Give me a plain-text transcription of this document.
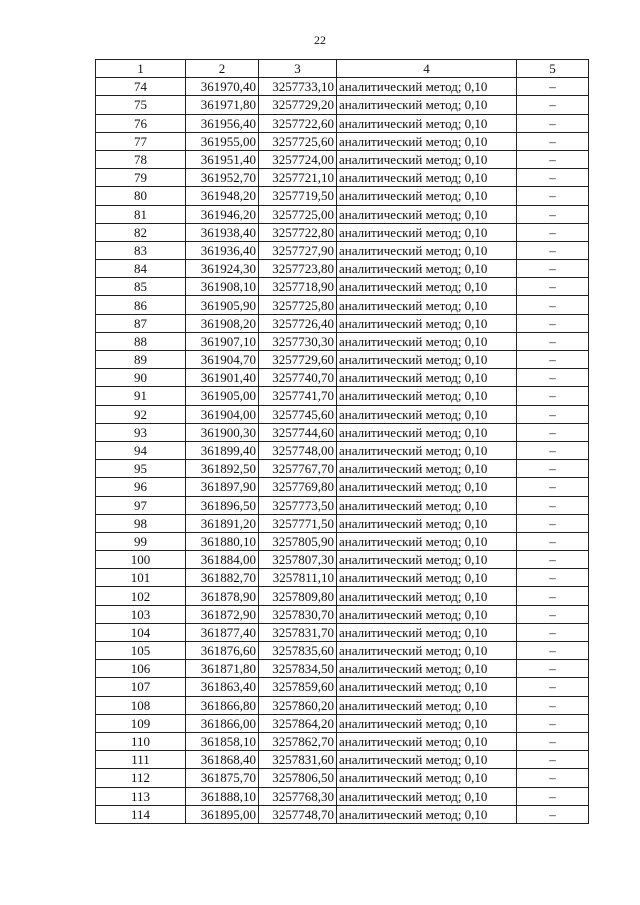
22
1	2	3	4	5
74	361970,40	3257733,10	аналитический метод; 0,10	–
75	361971,80	3257729,20	аналитический метод; 0,10	–
76	361956,40	3257722,60	аналитический метод; 0,10	–
77	361955,00	3257725,60	аналитический метод; 0,10	–
78	361951,40	3257724,00	аналитический метод; 0,10	–
79	361952,70	3257721,10	аналитический метод; 0,10	–
80	361948,20	3257719,50	аналитический метод; 0,10	–
81	361946,20	3257725,00	аналитический метод; 0,10	–
82	361938,40	3257722,80	аналитический метод; 0,10	–
83	361936,40	3257727,90	аналитический метод; 0,10	–
84	361924,30	3257723,80	аналитический метод; 0,10	–
85	361908,10	3257718,90	аналитический метод; 0,10	–
86	361905,90	3257725,80	аналитический метод; 0,10	–
87	361908,20	3257726,40	аналитический метод; 0,10	–
88	361907,10	3257730,30	аналитический метод; 0,10	–
89	361904,70	3257729,60	аналитический метод; 0,10	–
90	361901,40	3257740,70	аналитический метод; 0,10	–
91	361905,00	3257741,70	аналитический метод; 0,10	–
92	361904,00	3257745,60	аналитический метод; 0,10	–
93	361900,30	3257744,60	аналитический метод; 0,10	–
94	361899,40	3257748,00	аналитический метод; 0,10	–
95	361892,50	3257767,70	аналитический метод; 0,10	–
96	361897,90	3257769,80	аналитический метод; 0,10	–
97	361896,50	3257773,50	аналитический метод; 0,10	–
98	361891,20	3257771,50	аналитический метод; 0,10	–
99	361880,10	3257805,90	аналитический метод; 0,10	–
100	361884,00	3257807,30	аналитический метод; 0,10	–
101	361882,70	3257811,10	аналитический метод; 0,10	–
102	361878,90	3257809,80	аналитический метод; 0,10	–
103	361872,90	3257830,70	аналитический метод; 0,10	–
104	361877,40	3257831,70	аналитический метод; 0,10	–
105	361876,60	3257835,60	аналитический метод; 0,10	–
106	361871,80	3257834,50	аналитический метод; 0,10	–
107	361863,40	3257859,60	аналитический метод; 0,10	–
108	361866,80	3257860,20	аналитический метод; 0,10	–
109	361866,00	3257864,20	аналитический метод; 0,10	–
110	361858,10	3257862,70	аналитический метод; 0,10	–
111	361868,40	3257831,60	аналитический метод; 0,10	–
112	361875,70	3257806,50	аналитический метод; 0,10	–
113	361888,10	3257768,30	аналитический метод; 0,10	–
114	361895,00	3257748,70	аналитический метод; 0,10	–
